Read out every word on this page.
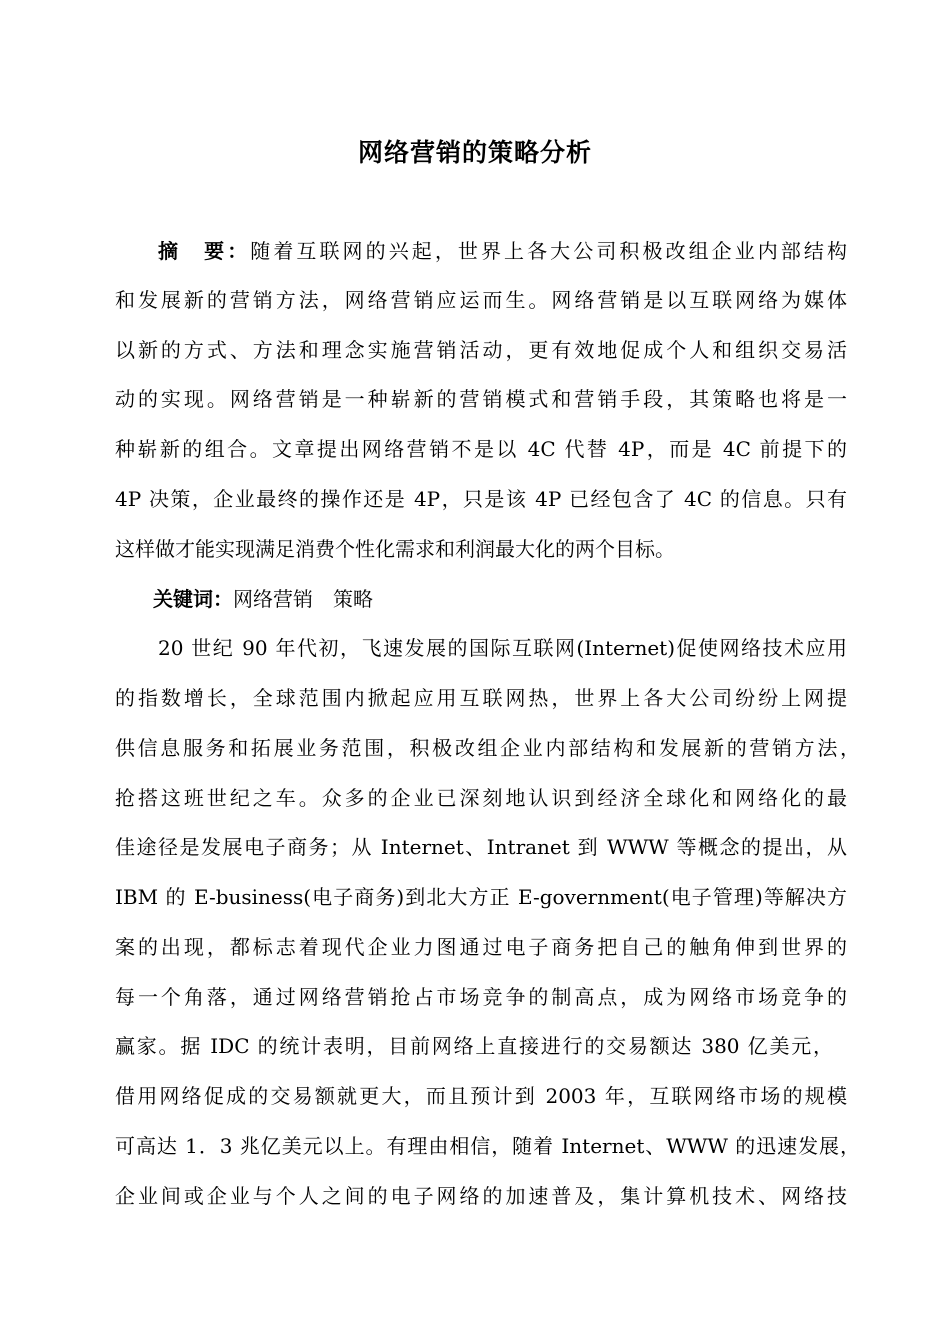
网络营销的策略分析
摘　要：随着互联网的兴起，世界上各大公司积极改组企业内部结构
和发展新的营销方法，网络营销应运而生。网络营销是以互联网络为媒体
以新的方式、方法和理念实施营销活动，更有效地促成个人和组织交易活
动的实现。网络营销是一种崭新的营销模式和营销手段，其策略也将是一
种崭新的组合。文章提出网络营销不是以 4C 代替 4P，而是 4C 前提下的
4P 决策，企业最终的操作还是 4P，只是该 4P 已经包含了 4C 的信息。只有
这样做才能实现满足消费个性化需求和利润最大化的两个目标。
关键词：网络营销　策略
20 世纪 90 年代初，飞速发展的国际互联网(Internet)促使网络技术应用
的指数增长，全球范围内掀起应用互联网热，世界上各大公司纷纷上网提
供信息服务和拓展业务范围，积极改组企业内部结构和发展新的营销方法，
抢搭这班世纪之车。众多的企业已深刻地认识到经济全球化和网络化的最
佳途径是发展电子商务；从 Internet、Intranet 到 WWW 等概念的提出，从
IBM 的 E-business(电子商务)到北大方正 E-government(电子管理)等解决方
案的出现，都标志着现代企业力图通过电子商务把自己的触角伸到世界的
每一个角落，通过网络营销抢占市场竞争的制高点，成为网络市场竞争的
赢家。据 IDC 的统计表明，目前网络上直接进行的交易额达 380 亿美元，
借用网络促成的交易额就更大，而且预计到 2003 年，互联网络市场的规模
可高达 1．3 兆亿美元以上。有理由相信，随着 Internet、WWW 的迅速发展，
企业间或企业与个人之间的电子网络的加速普及，集计算机技术、网络技
